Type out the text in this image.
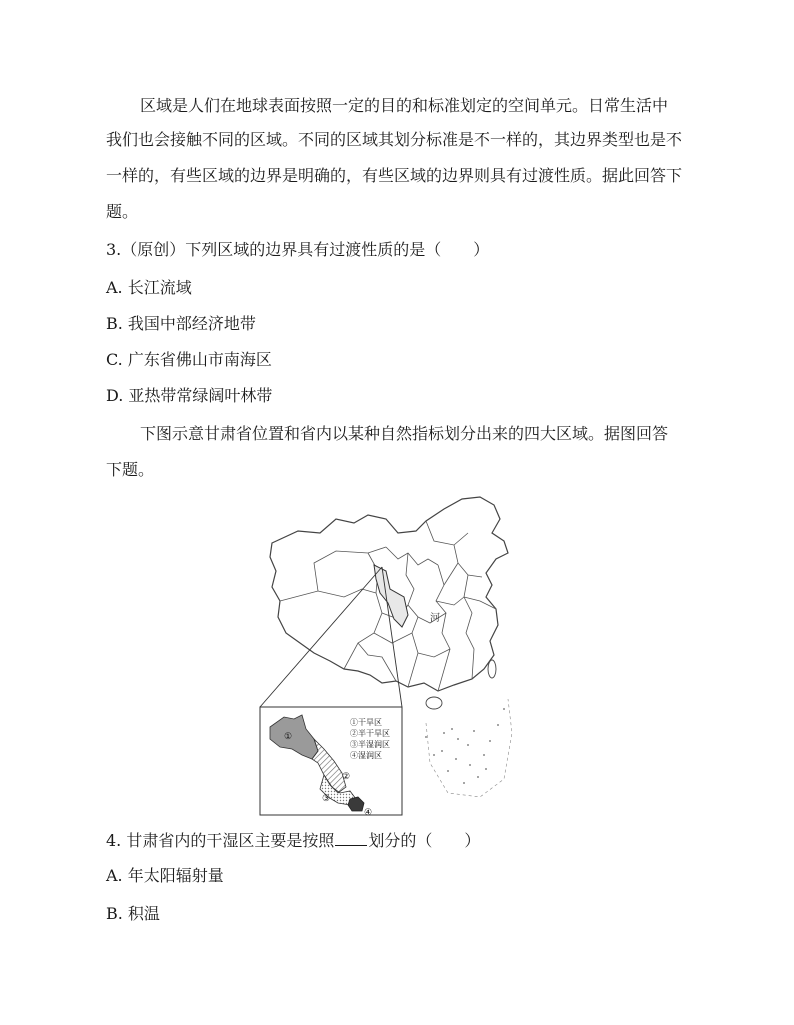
区域是人们在地球表面按照一定的目的和标准划定的空间单元。日常生活中
我们也会接触不同的区域。不同的区域其划分标准是不一样的，其边界类型也是不
一样的，有些区域的边界是明确的，有些区域的边界则具有过渡性质。据此回答下
题。
3.（原创）下列区域的边界具有过渡性质的是（　　）
A. 长江流域
B. 我国中部经济地带
C. 广东省佛山市南海区
D. 亚热带常绿阔叶林带
下图示意甘肃省位置和省内以某种自然指标划分出来的四大区域。据图回答
下题。
河
①
②
③
④
①干旱区
②半干旱区
③半湿润区
④湿润区
4. 甘肃省内的干湿区主要是按照 划分的（　　）
A. 年太阳辐射量
B. 积温
